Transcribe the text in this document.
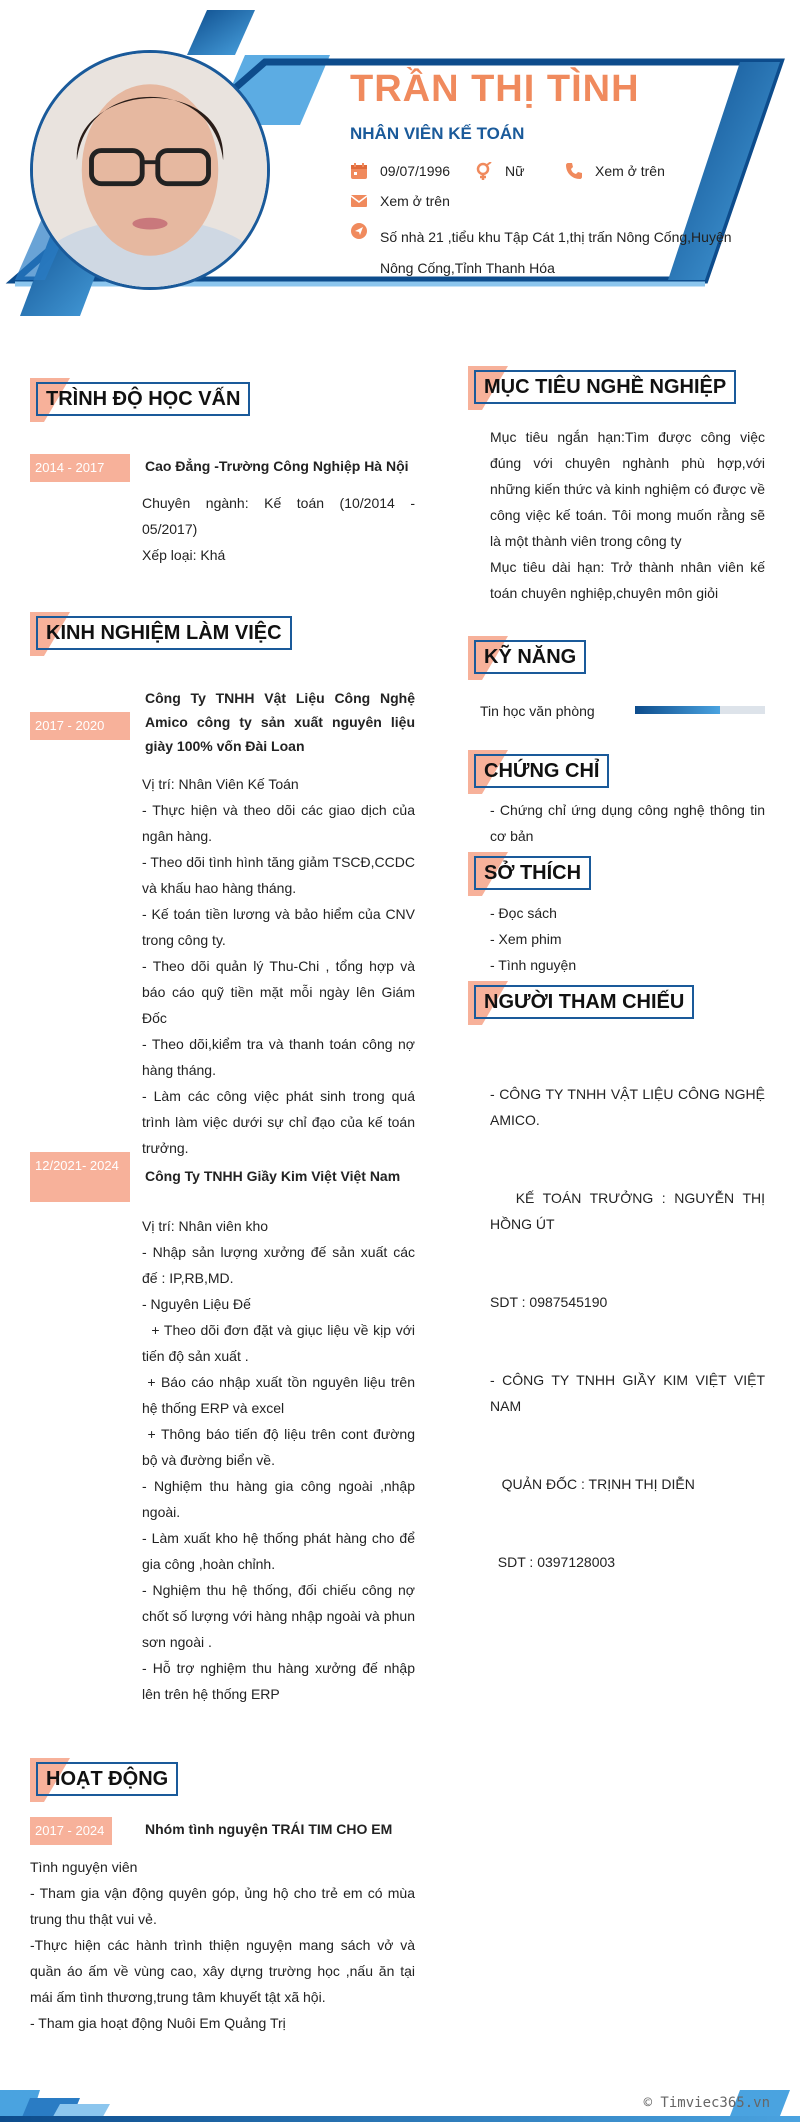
TRẦN THỊ TÌNH
NHÂN VIÊN KẾ TOÁN
09/07/1996	Nữ	Xem ở trên
Xem ở trên
Số nhà 21 ,tiểu khu Tập Cát 1,thị trấn Nông Cống,Huyện Nông Cống,Tỉnh Thanh Hóa
TRÌNH ĐỘ HỌC VẤN
2014 - 2017	Cao Đẳng -Trường Công Nghiệp Hà Nội
Chuyên ngành: Kế toán (10/2014 - 05/2017)
Xếp loại: Khá
KINH NGHIỆM LÀM VIỆC
2017 - 2020
Công Ty TNHH Vật Liệu Công Nghệ Amico công ty sản xuất nguyên liệu giày 100% vốn Đài Loan
Vị trí: Nhân Viên Kế Toán
- Thực hiện và theo dõi các giao dịch của ngân hàng.
- Theo dõi tình hình tăng giảm TSCĐ,CCDC và khấu hao hàng tháng.
- Kế toán tiền lương và bảo hiểm của CNV trong công ty.
- Theo dõi quản lý Thu-Chi , tổng hợp và báo cáo quỹ tiền mặt mỗi ngày lên Giám Đốc
- Theo dõi,kiểm tra và thanh toán công nợ hàng tháng.
- Làm các công việc phát sinh trong quá trình làm việc dưới sự chỉ đạo của kế toán trưởng.
12/2021- 2024
Công Ty TNHH Giầy Kim Việt Việt Nam
Vị trí: Nhân viên kho
- Nhập sản lượng xưởng đế sản xuất các đế : IP,RB,MD.
- Nguyên Liệu Đế
+ Theo dõi đơn đặt và giục liệu về kịp với tiến độ sản xuất .
+ Báo cáo nhập xuất tồn nguyên liệu trên hệ thống ERP và excel
+ Thông báo tiến độ liệu trên cont đường bộ và đường biển về.
- Nghiệm thu hàng gia công ngoài ,nhập ngoài.
- Làm xuất kho hệ thống phát hàng cho để gia công ,hoàn chỉnh.
- Nghiệm thu hệ thống, đối chiếu công nợ chốt số lượng với hàng nhập ngoài và phun sơn ngoài .
- Hỗ trợ nghiệm thu hàng xưởng đế nhập lên trên hệ thống ERP
HOẠT ĐỘNG
2017 - 2024	Nhóm tình nguyện TRÁI TIM CHO EM
Tình nguyện viên
- Tham gia vận động quyên góp, ủng hộ cho trẻ em có mùa trung thu thật vui vẻ.
-Thực hiện các hành trình thiện nguyện mang sách vở và quần áo ấm về vùng cao, xây dựng trường học ,nấu ăn tại mái ấm tình thương,trung tâm khuyết tật xã hội.
- Tham gia hoạt động Nuôi Em Quảng Trị
MỤC TIÊU NGHỀ NGHIỆP
Mục tiêu ngắn hạn:Tìm được công việc đúng với chuyên nghành phù hợp,với những kiến thức và kinh nghiệm có được về công việc kế toán. Tôi mong muốn rằng sẽ là một thành viên trong công ty
Mục tiêu dài hạn: Trở thành nhân viên kế toán chuyên nghiệp,chuyên môn giỏi
KỸ NĂNG
Tin học văn phòng
CHỨNG CHỈ
- Chứng chỉ ứng dụng công nghệ thông tin cơ bản
SỞ THÍCH
- Đọc sách
- Xem phim
- Tình nguyện
NGƯỜI THAM CHIẾU

- CÔNG TY TNHH VẬT LIỆU CÔNG NGHỆ AMICO.

KẾ TOÁN TRƯỞNG : NGUYỄN THỊ HỒNG ÚT

SDT : 0987545190

- CÔNG TY TNHH GIẦY KIM VIỆT VIỆT NAM

QUẢN ĐỐC : TRỊNH THỊ DIỄN

SDT : 0397128003

© Timviec365.vn
